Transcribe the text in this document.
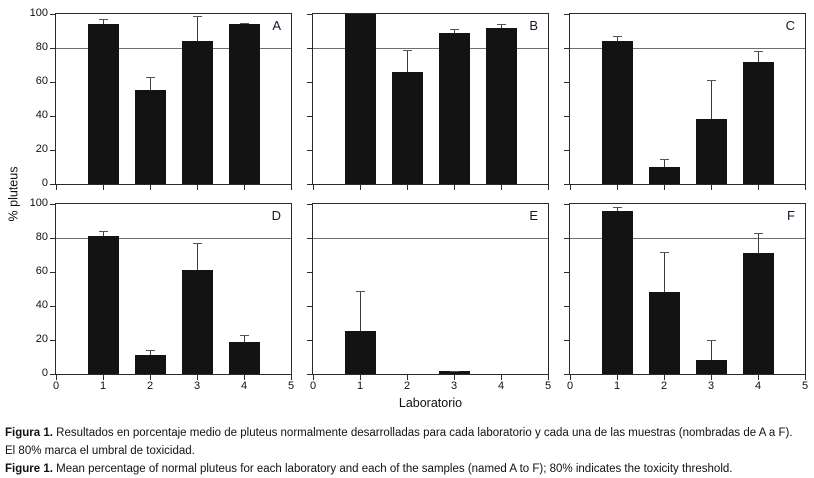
% pluteus	0
20
40
60
80
100
A	B	C
0
20
40
60
80
100
0	1	2	3	4	5
D
0	1	2	3	4	5
E
0	1	2	3	4	5
F
Laboratorio

Figura 1. Resultados en porcentaje medio de pluteus normalmente desarrolladas para cada laboratorio y cada una de las muestras (nombradas de A a F). El 80% marca el umbral de toxicidad.

Figure 1. Mean percentage of normal pluteus for each laboratory and each of the samples (named A to F); 80% indicates the toxicity threshold.
